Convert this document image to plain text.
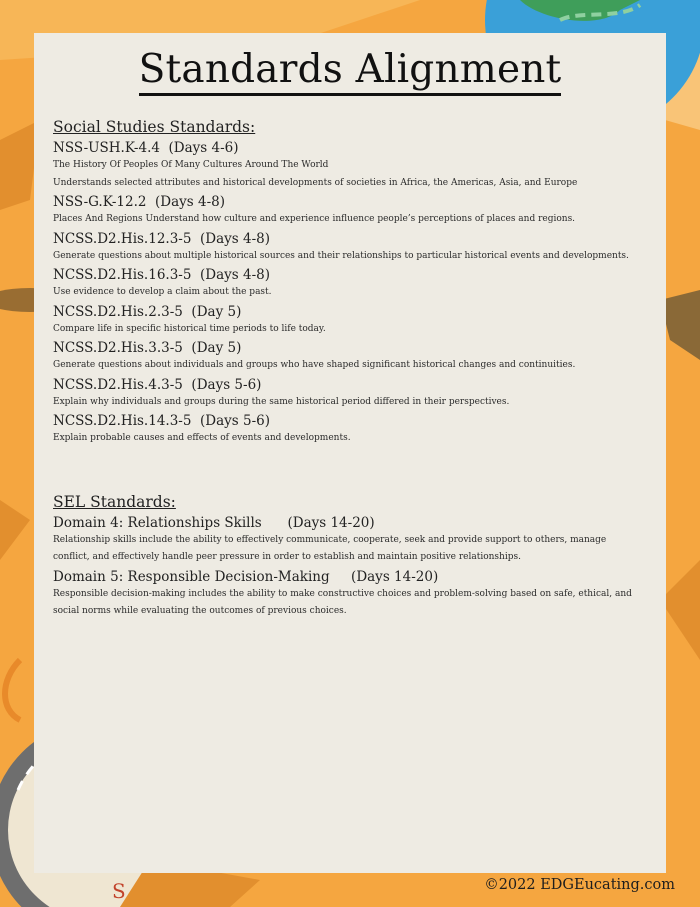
S
Standards Alignment
Social Studies Standards:
NSS-USH.K-4.4  (Days 4-6)
The History Of Peoples Of Many Cultures Around The World
Understands selected attributes and historical developments of societies in Africa, the Americas, Asia, and Europe
NSS-G.K-12.2  (Days 4-8)
Places And Regions Understand how culture and experience influence people’s perceptions of places and regions.
NCSS.D2.His.12.3-5  (Days 4-8)
Generate questions about multiple historical sources and their relationships to particular historical events and developments.
NCSS.D2.His.16.3-5  (Days 4-8)
Use evidence to develop a claim about the past.
NCSS.D2.His.2.3-5  (Day 5)
Compare life in specific historical time periods to life today.
NCSS.D2.His.3.3-5  (Day 5)
Generate questions about individuals and groups who have shaped significant historical changes and continuities.
NCSS.D2.His.4.3-5  (Days 5-6)
Explain why individuals and groups during the same historical period differed in their perspectives.
NCSS.D2.His.14.3-5  (Days 5-6)
Explain probable causes and effects of events and developments.
SEL Standards:
Domain 4: Relationships Skills      (Days 14-20)
Relationship skills include the ability to effectively communicate, cooperate, seek and provide support to others, manage
conflict, and effectively handle peer pressure in order to establish and maintain positive relationships.
Domain 5: Responsible Decision-Making     (Days 14-20)
Responsible decision-making includes the ability to make constructive choices and problem-solving based on safe, ethical, and
social norms while evaluating the outcomes of previous choices.
©2022 EDGEucating.com
